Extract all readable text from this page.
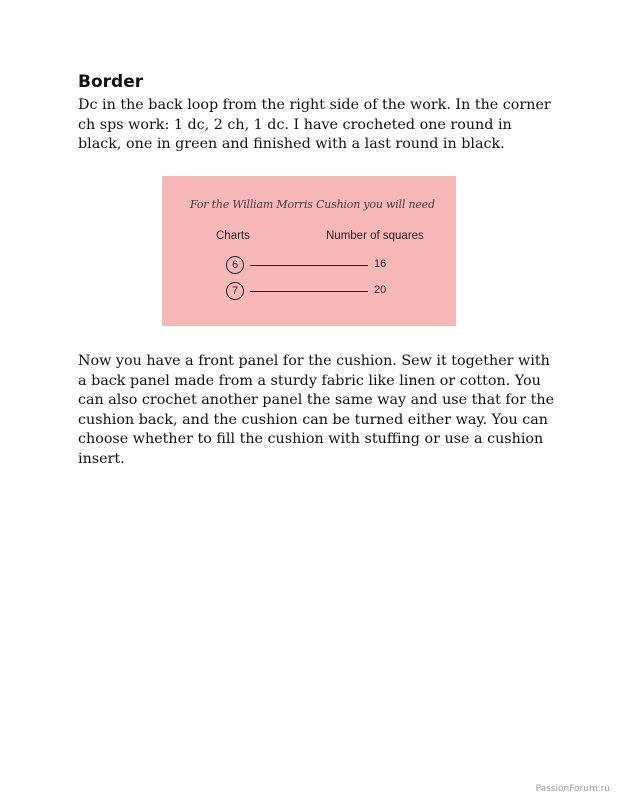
Border

Dc in the back loop from the right side of the work. In the corner ch sps work: 1 dc, 2 ch, 1 dc. I have crocheted one round in black, one in green and finished with a last round in black.

For the William Morris Cushion you will need

Charts	Number of squares
6	16
7	20

Now you have a front panel for the cushion. Sew it together with a back panel made from a sturdy fabric like linen or cotton. You can also crochet another panel the same way and use that for the cushion back, and the cushion can be turned either way. You can choose whether to fill the cushion with stuffing or use a cushion insert.

PassionForum.ru
